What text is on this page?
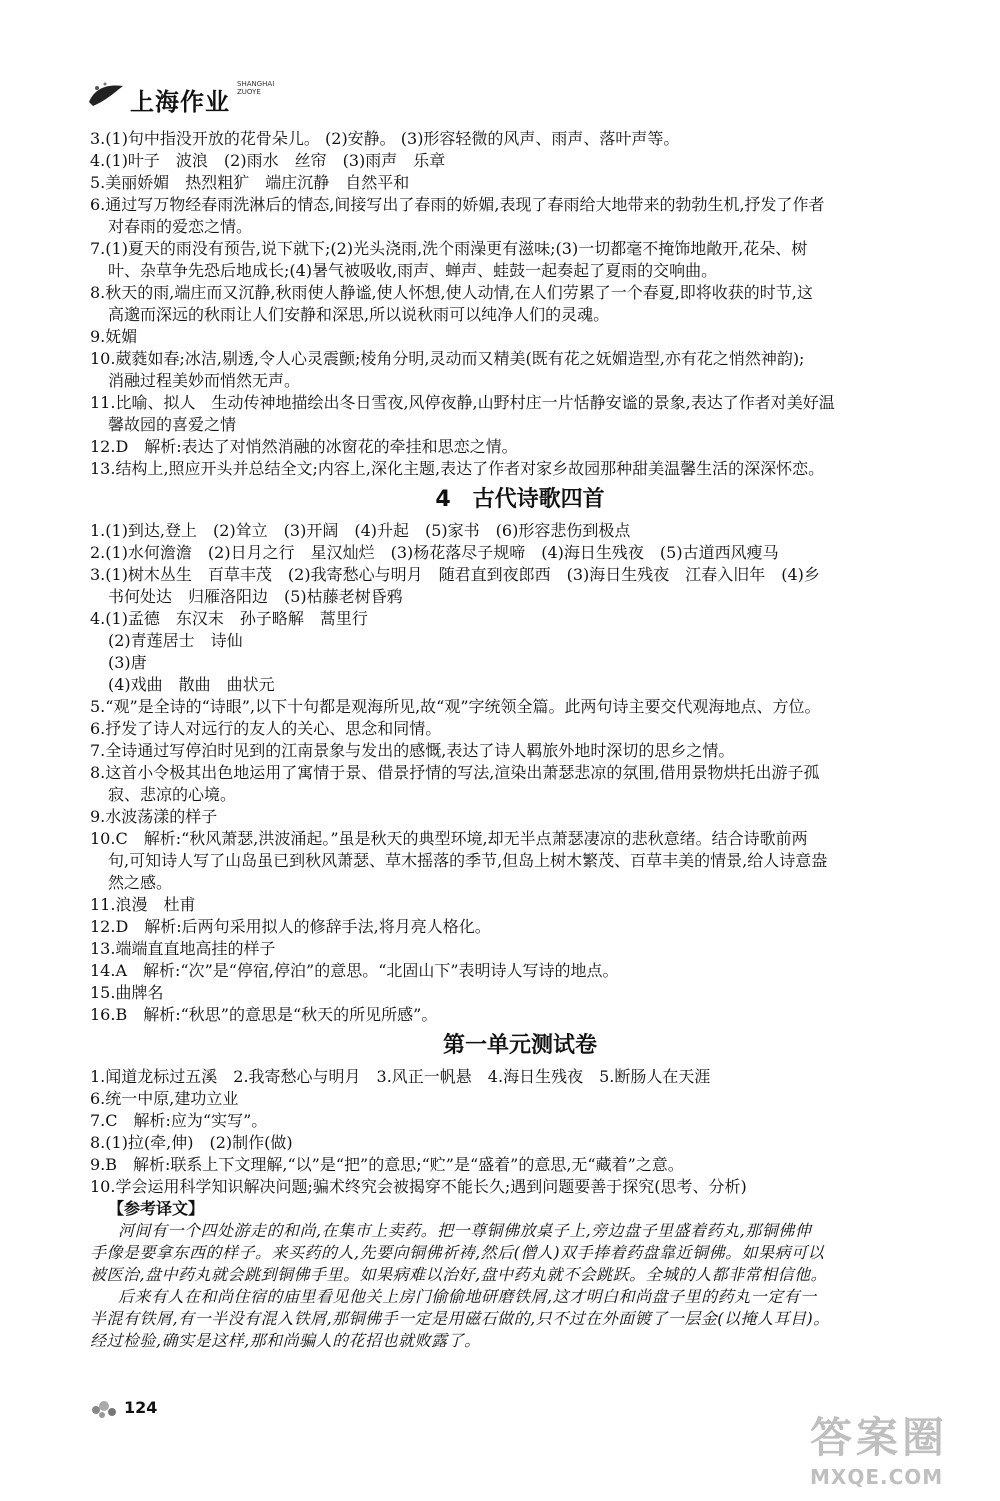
上海作业
SHANGHAI
ZUOYE
3.(1)句中指没开放的花骨朵儿。 (2)安静。 (3)形容轻微的风声、雨声、落叶声等。
4.(1)叶子　波浪　(2)雨水　丝帘　(3)雨声　乐章
5.美丽娇媚　热烈粗犷　端庄沉静　自然平和
6.通过写万物经春雨洗淋后的情态,间接写出了春雨的娇媚,表现了春雨给大地带来的勃勃生机,抒发了作者
对春雨的爱恋之情。
7.(1)夏天的雨没有预告,说下就下;(2)光头浇雨,洗个雨澡更有滋味;(3)一切都毫不掩饰地敞开,花朵、树
叶、杂草争先恐后地成长;(4)暑气被吸收,雨声、蝉声、蛙鼓一起奏起了夏雨的交响曲。
8.秋天的雨,端庄而又沉静,秋雨使人静谧,使人怀想,使人动情,在人们劳累了一个春夏,即将收获的时节,这
高邈而深远的秋雨让人们安静和深思,所以说秋雨可以纯净人们的灵魂。
9.妩媚
10.葳蕤如春;冰洁,剔透,令人心灵震颤;棱角分明,灵动而又精美(既有花之妩媚造型,亦有花之悄然神韵);
消融过程美妙而悄然无声。
11.比喻、拟人　生动传神地描绘出冬日雪夜,风停夜静,山野村庄一片恬静安谧的景象,表达了作者对美好温
馨故园的喜爱之情
12.D　解析:表达了对悄然消融的冰窗花的牵挂和思恋之情。
13.结构上,照应开头并总结全文;内容上,深化主题,表达了作者对家乡故园那种甜美温馨生活的深深怀恋。
4　古代诗歌四首
1.(1)到达,登上　(2)耸立　(3)开阔　(4)升起　(5)家书　(6)形容悲伤到极点
2.(1)水何澹澹　(2)日月之行　星汉灿烂　(3)杨花落尽子规啼　(4)海日生残夜　(5)古道西风瘦马
3.(1)树木丛生　百草丰茂　(2)我寄愁心与明月　随君直到夜郎西　(3)海日生残夜　江春入旧年　(4)乡
书何处达　归雁洛阳边　(5)枯藤老树昏鸦
4.(1)孟德　东汉末　孙子略解　蒿里行
(2)青莲居士　诗仙
(3)唐
(4)戏曲　散曲　曲状元
5.“观”是全诗的“诗眼”,以下十句都是观海所见,故“观”字统领全篇。此两句诗主要交代观海地点、方位。
6.抒发了诗人对远行的友人的关心、思念和同情。
7.全诗通过写停泊时见到的江南景象与发出的感慨,表达了诗人羁旅外地时深切的思乡之情。
8.这首小令极其出色地运用了寓情于景、借景抒情的写法,渲染出萧瑟悲凉的氛围,借用景物烘托出游子孤
寂、悲凉的心境。
9.水波荡漾的样子
10.C　解析:“秋风萧瑟,洪波涌起。”虽是秋天的典型环境,却无半点萧瑟凄凉的悲秋意绪。结合诗歌前两
句,可知诗人写了山岛虽已到秋风萧瑟、草木摇落的季节,但岛上树木繁茂、百草丰美的情景,给人诗意盎
然之感。
11.浪漫　杜甫
12.D　解析:后两句采用拟人的修辞手法,将月亮人格化。
13.端端直直地高挂的样子
14.A　解析:“次”是“停宿,停泊”的意思。“北固山下”表明诗人写诗的地点。
15.曲牌名
16.B　解析:“秋思”的意思是“秋天的所见所感”。
第一单元测试卷
1.闻道龙标过五溪　2.我寄愁心与明月　3.风正一帆悬　4.海日生残夜　5.断肠人在天涯
6.统一中原,建功立业
7.C　解析:应为“实写”。
8.(1)拉(牵,伸)　(2)制作(做)
9.B　解析:联系上下文理解,“以”是“把”的意思;“贮”是“盛着”的意思,无“藏着”之意。
10.学会运用科学知识解决问题;骗术终究会被揭穿不能长久;遇到问题要善于探究(思考、分析)
【参考译文】
河间有一个四处游走的和尚,在集市上卖药。把一尊铜佛放桌子上,旁边盘子里盛着药丸,那铜佛伸
手像是要拿东西的样子。来买药的人,先要向铜佛祈祷,然后(僧人)双手捧着药盘靠近铜佛。如果病可以
被医治,盘中药丸就会跳到铜佛手里。如果病难以治好,盘中药丸就不会跳跃。全城的人都非常相信他。
后来有人在和尚住宿的庙里看见他关上房门偷偷地研磨铁屑,这才明白和尚盘子里的药丸一定有一
半混有铁屑,有一半没有混入铁屑,那铜佛手一定是用磁石做的,只不过在外面镀了一层金(以掩人耳目)。
经过检验,确实是这样,那和尚骗人的花招也就败露了。
124
答案圈
MXQE.COM
